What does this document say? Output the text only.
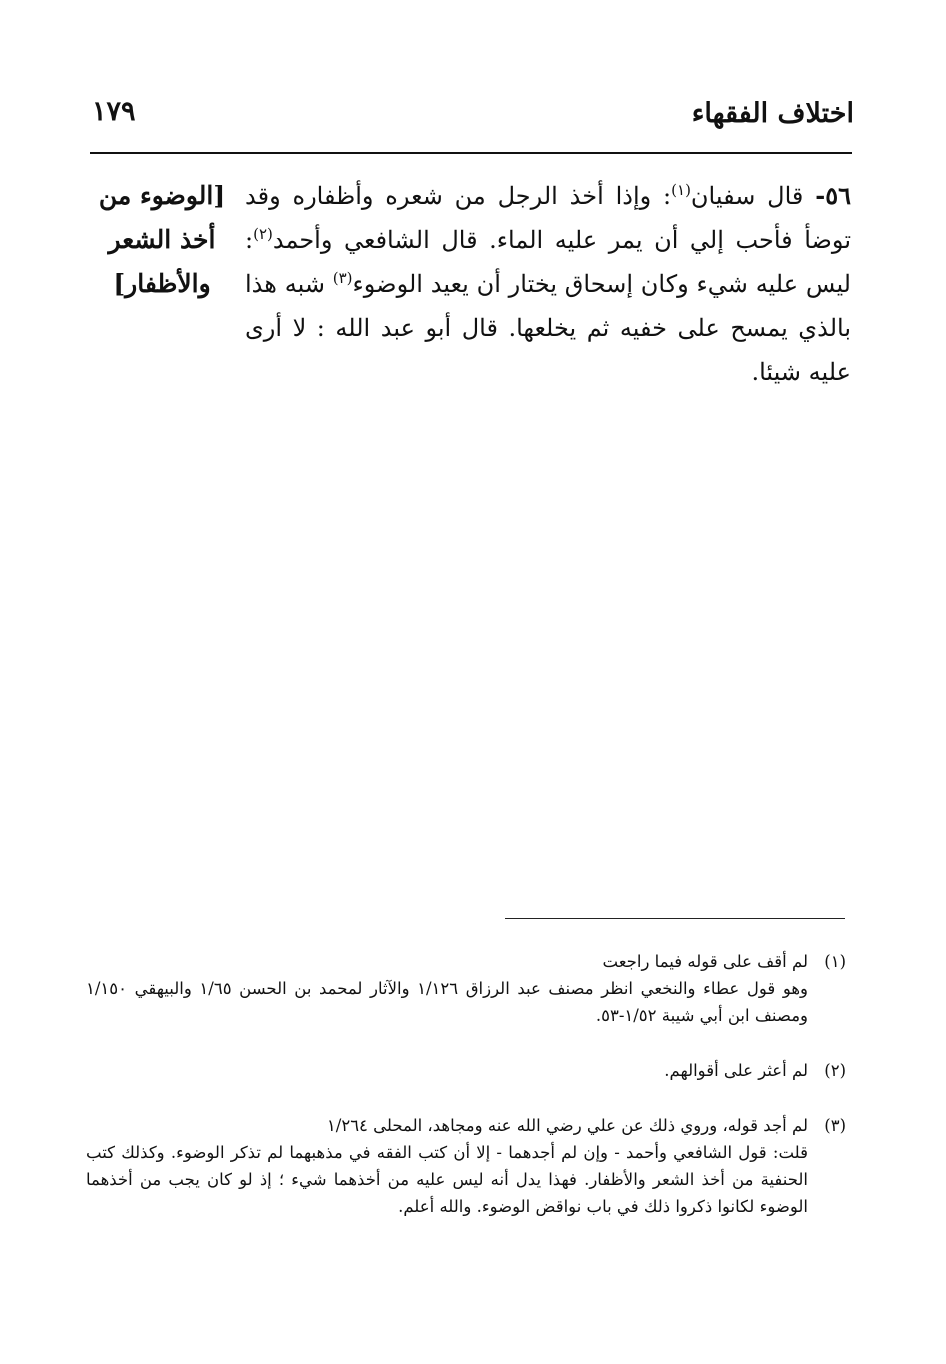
اختلاف الفقهاء
١٧٩
[الوضوء من
أخذ الشعر
والأظفار]
٥٦- قال سفيان$^{(١)}$: وإذا أخذ الرجل من شعره وأظفاره وقد توضأ فأحب إلي أن يمر عليه الماء. قال الشافعي وأحمد$^{(٢)}$: ليس عليه شيء وكان إسحاق يختار أن يعيد الوضوء$^{(٣)}$ شبه هذا بالذي يمسح على خفيه ثم يخلعها. قال أبو عبد الله : لا أرى عليه شيئا.
(١)لم أقف على قوله فيما راجعت
وهو قول عطاء والنخعي انظر مصنف عبد الرزاق ١/١٢٦ والآثار لمحمد بن الحسن ١/٦٥ والبيهقي ١/١٥٠ ومصنف ابن أبي شيبة ١/٥٢-٥٣.
(٢)لم أعثر على أقوالهم.
(٣)لم أجد قوله، وروي ذلك عن علي رضي الله عنه ومجاهد، المحلى ١/٢٦٤
قلت: قول الشافعي وأحمد - وإن لم أجدهما - إلا أن كتب الفقه في مذهبهما لم تذكر الوضوء. وكذلك كتب الحنفية من أخذ الشعر والأظفار. فهذا يدل أنه ليس عليه من أخذهما شيء ؛ إذ لو كان يجب من أخذهما الوضوء لكانوا ذكروا ذلك في باب نواقض الوضوء. والله أعلم.
